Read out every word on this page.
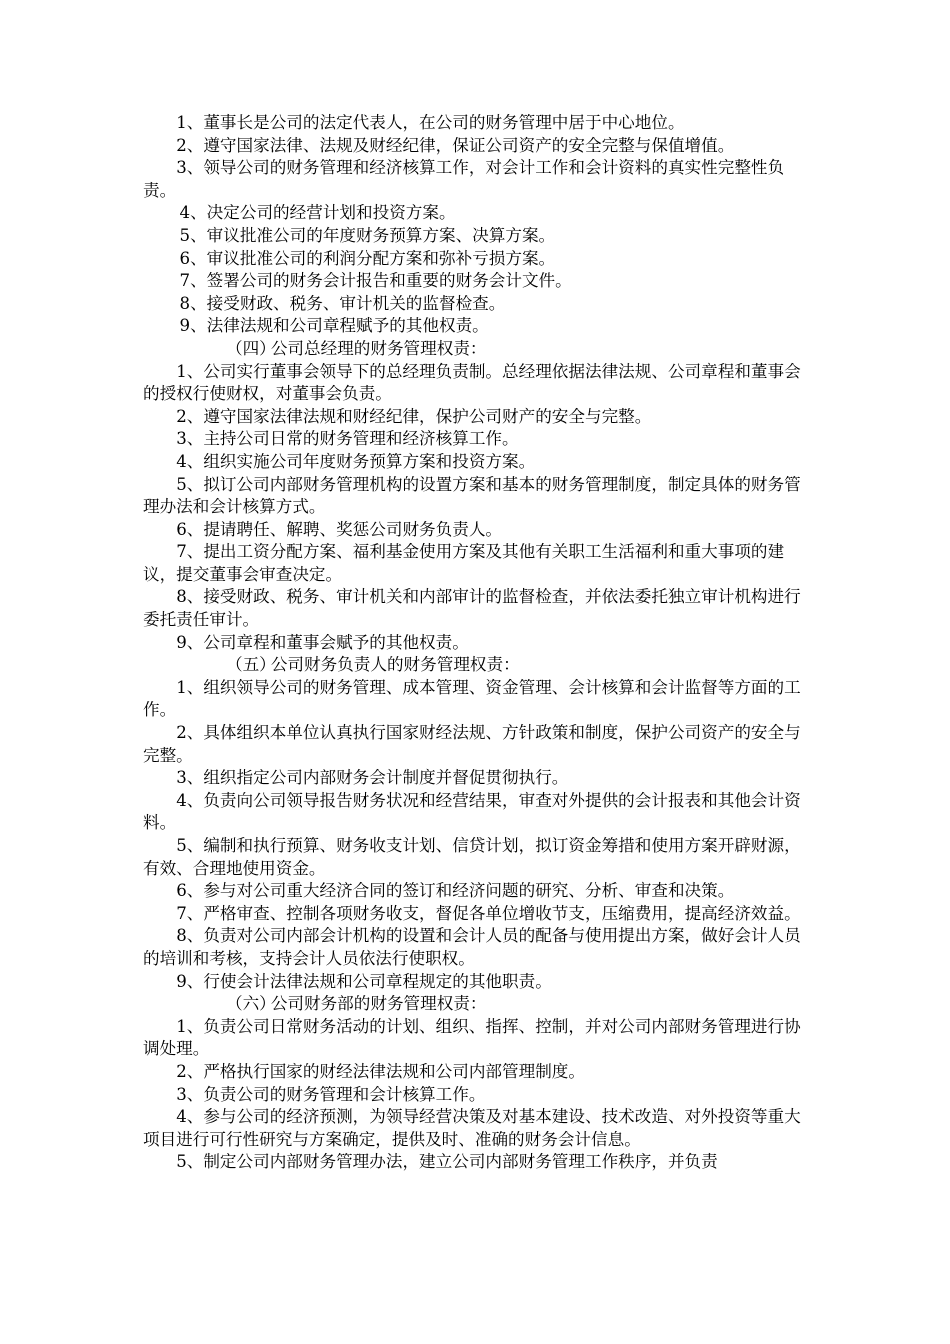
1、董事长是公司的法定代表人，在公司的财务管理中居于中心地位。

2、遵守国家法律、法规及财经纪律，保证公司资产的安全完整与保值增值。

3、领导公司的财务管理和经济核算工作，对会计工作和会计资料的真实性完整性负责。

4、决定公司的经营计划和投资方案。

5、审议批准公司的年度财务预算方案、决算方案。

6、审议批准公司的利润分配方案和弥补亏损方案。

7、签署公司的财务会计报告和重要的财务会计文件。

8、接受财政、税务、审计机关的监督检查。

9、法律法规和公司章程赋予的其他权责。

（四）公司总经理的财务管理权责：

1、公司实行董事会领导下的总经理负责制。总经理依据法律法规、公司章程和董事会的授权行使财权，对董事会负责。

2、遵守国家法律法规和财经纪律，保护公司财产的安全与完整。

3、主持公司日常的财务管理和经济核算工作。

4、组织实施公司年度财务预算方案和投资方案。

5、拟订公司内部财务管理机构的设置方案和基本的财务管理制度，制定具体的财务管理办法和会计核算方式。

6、提请聘任、解聘、奖惩公司财务负责人。

7、提出工资分配方案、福利基金使用方案及其他有关职工生活福利和重大事项的建议，提交董事会审查决定。

8、接受财政、税务、审计机关和内部审计的监督检查，并依法委托独立审计机构进行委托责任审计。

9、公司章程和董事会赋予的其他权责。

（五）公司财务负责人的财务管理权责：

1、组织领导公司的财务管理、成本管理、资金管理、会计核算和会计监督等方面的工作。

2、具体组织本单位认真执行国家财经法规、方针政策和制度，保护公司资产的安全与完整。

3、组织指定公司内部财务会计制度并督促贯彻执行。

4、负责向公司领导报告财务状况和经营结果，审查对外提供的会计报表和其他会计资料。

5、编制和执行预算、财务收支计划、信贷计划，拟订资金筹措和使用方案开辟财源，有效、合理地使用资金。

6、参与对公司重大经济合同的签订和经济问题的研究、分析、审查和决策。

7、严格审查、控制各项财务收支，督促各单位增收节支，压缩费用，提高经济效益。

8、负责对公司内部会计机构的设置和会计人员的配备与使用提出方案，做好会计人员的培训和考核，支持会计人员依法行使职权。

9、行使会计法律法规和公司章程规定的其他职责。

（六）公司财务部的财务管理权责：

1、负责公司日常财务活动的计划、组织、指挥、控制，并对公司内部财务管理进行协调处理。

2、严格执行国家的财经法律法规和公司内部管理制度。

3、负责公司的财务管理和会计核算工作。

4、参与公司的经济预测，为领导经营决策及对基本建设、技术改造、对外投资等重大项目进行可行性研究与方案确定，提供及时、准确的财务会计信息。

5、制定公司内部财务管理办法，建立公司内部财务管理工作秩序，并负责
